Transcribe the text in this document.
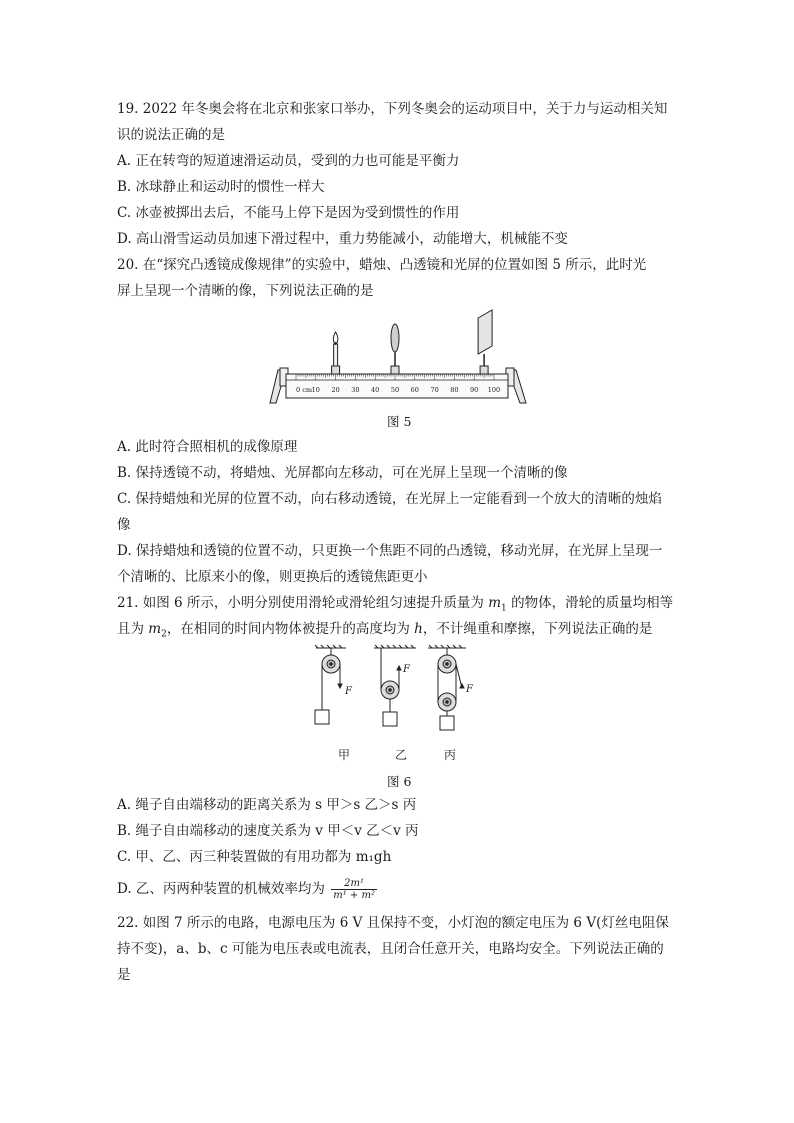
19. 2022 年冬奥会将在北京和张家口举办，下列冬奥会的运动项目中，关于力与运动相关知
识的说法正确的是
A. 正在转弯的短道速滑运动员，受到的力也可能是平衡力
B. 冰球静止和运动时的惯性一样大
C. 冰壶被掷出去后，不能马上停下是因为受到惯性的作用
D. 高山滑雪运动员加速下滑过程中，重力势能减小，动能增大，机械能不变
20. 在“探究凸透镜成像规律”的实验中，蜡烛、凸透镜和光屏的位置如图 5 所示，此时光
屏上呈现一个清晰的像，下列说法正确的是
0 cm 10 20 30 40 50 60 70 80 90 100
图 5
A. 此时符合照相机的成像原理
B. 保持透镜不动，将蜡烛、光屏都向左移动，可在光屏上呈现一个清晰的像
C. 保持蜡烛和光屏的位置不动，向右移动透镜，在光屏上一定能看到一个放大的清晰的烛焰
像
D. 保持蜡烛和透镜的位置不动，只更换一个焦距不同的凸透镜，移动光屏，在光屏上呈现一
个清晰的、比原来小的像，则更换后的透镜焦距更小
21. 如图 6 所示，小明分别使用滑轮或滑轮组匀速提升质量为 $m_1$ 的物体，滑轮的质量均相等
且为 $m_2$，在相同的时间内物体被提升的高度均为 h，不计绳重和摩擦，下列说法正确的是
F
F
F
甲	乙	丙
图 6
A. 绳子自由端移动的距离关系为 s 甲＞s 乙＞s 丙
B. 绳子自由端移动的速度关系为 v 甲＜v 乙＜v 丙
C. 甲、乙、丙三种装置做的有用功都为 m₁gh
D. 乙、丙两种装置的机械效率均为 $\frac{\text{2m¹}}{\text{m¹ + m²}}$
22. 如图 7 所示的电路，电源电压为 6 V 且保持不变，小灯泡的额定电压为 6 V(灯丝电阻保
持不变)，a、b、c 可能为电压表或电流表，且闭合任意开关，电路均安全。下列说法正确的
是
